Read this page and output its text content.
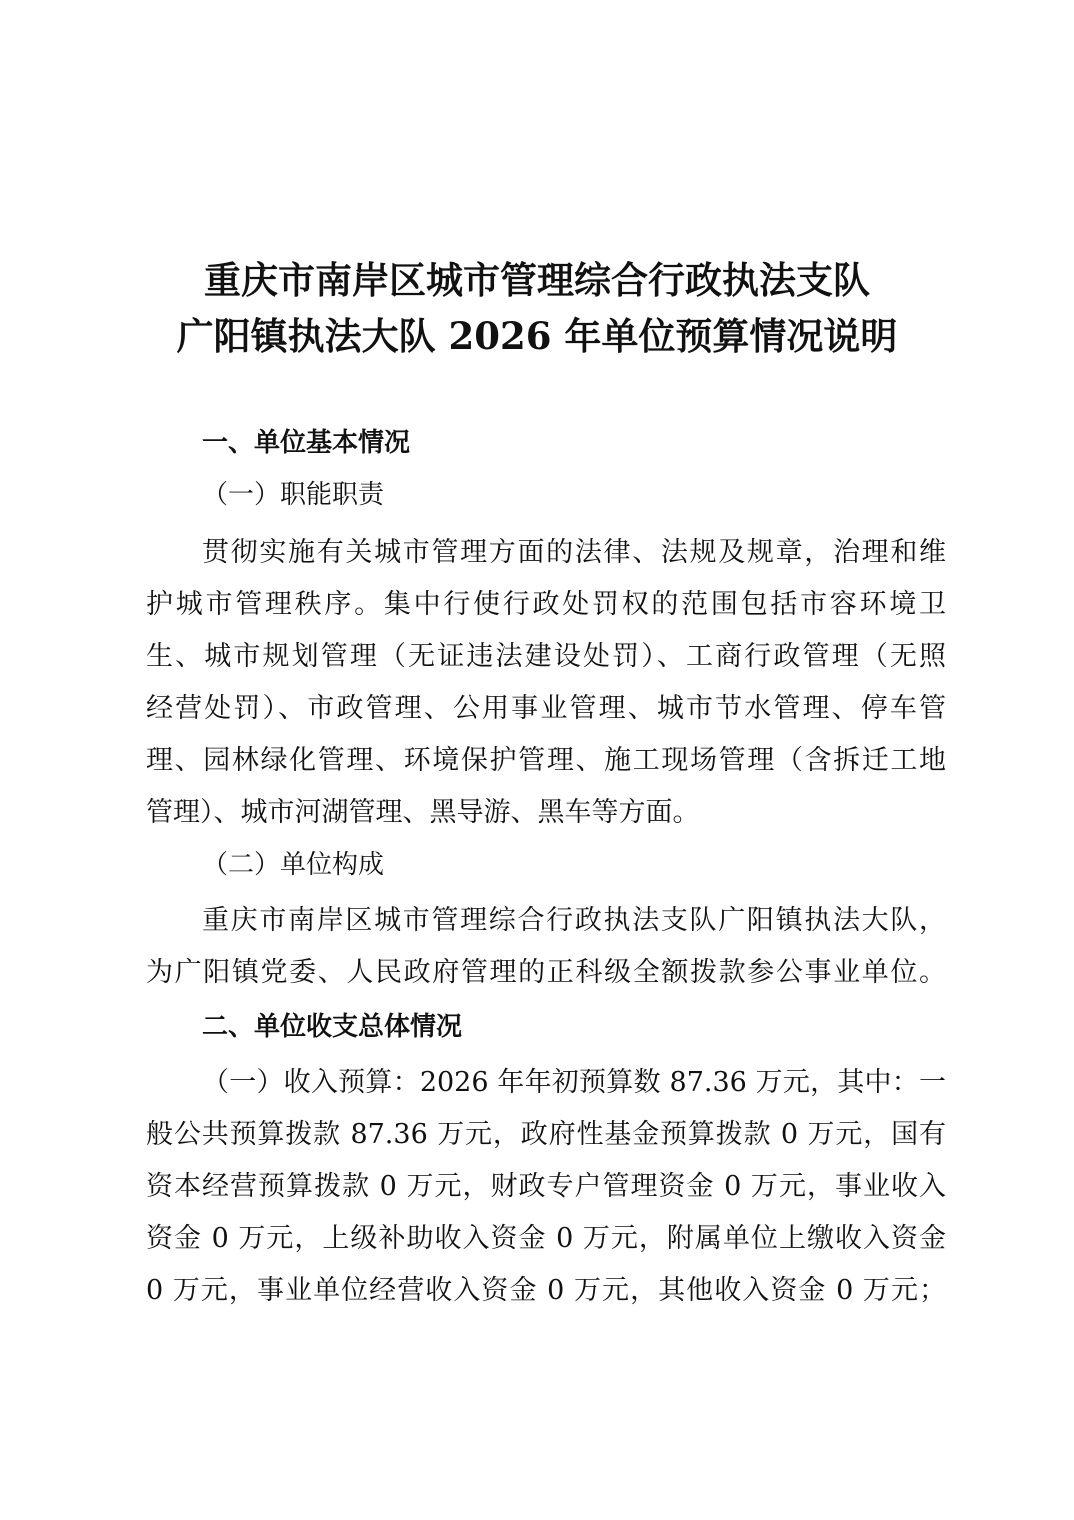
重庆市南岸区城市管理综合行政执法支队
广阳镇执法大队 2026 年单位预算情况说明
一、单位基本情况
（一）职能职责
贯彻实施有关城市管理方面的法律、法规及规章，治理和维
护城市管理秩序。集中行使行政处罚权的范围包括市容环境卫
生、城市规划管理（无证违法建设处罚）、工商行政管理（无照
经营处罚）、市政管理、公用事业管理、城市节水管理、停车管
理、园林绿化管理、环境保护管理、施工现场管理（含拆迁工地
管理）、城市河湖管理、黑导游、黑车等方面。
（二）单位构成
重庆市南岸区城市管理综合行政执法支队广阳镇执法大队，
为广阳镇党委、人民政府管理的正科级全额拨款参公事业单位。
二、单位收支总体情况
（一）收入预算：2026 年年初预算数 87.36 万元，其中：一
般公共预算拨款 87.36 万元，政府性基金预算拨款 0 万元，国有
资本经营预算拨款 0 万元，财政专户管理资金 0 万元，事业收入
资金 0 万元，上级补助收入资金 0 万元，附属单位上缴收入资金
0 万元，事业单位经营收入资金 0 万元，其他收入资金 0 万元；
